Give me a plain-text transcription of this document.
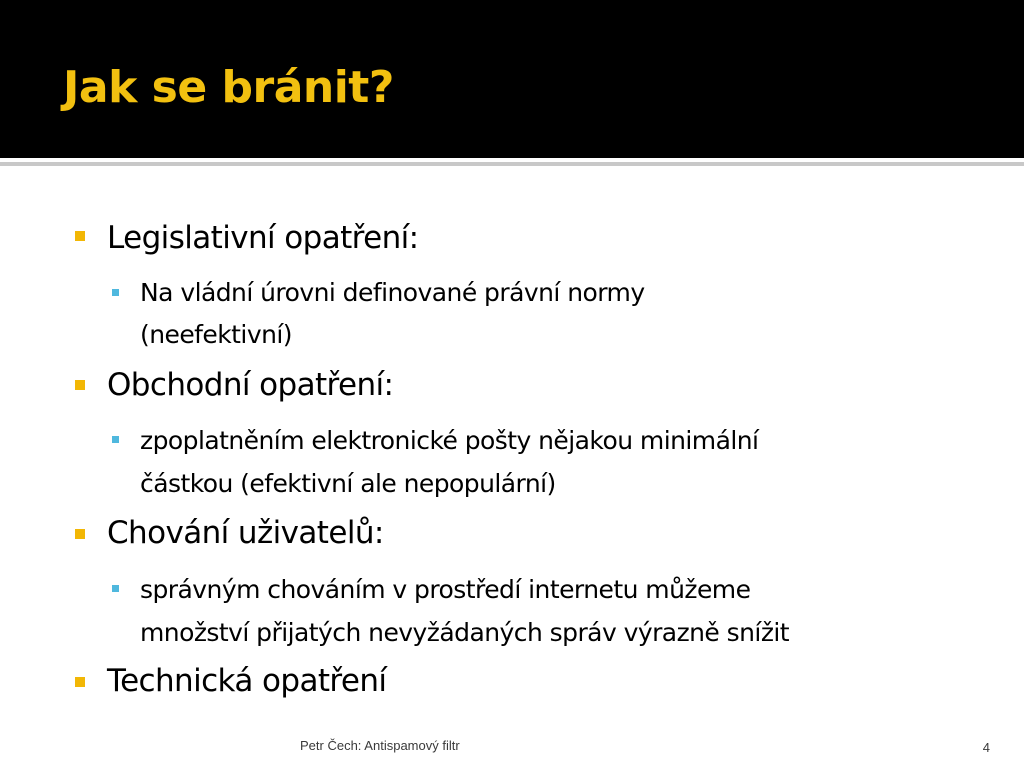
Jak se bránit?
Legislativní opatření:
Na vládní úrovni definované právní normy
(neefektivní)
Obchodní opatření:
zpoplatněním elektronické pošty nějakou minimální
částkou (efektivní ale nepopulární)
Chování uživatelů:
správným chováním v prostředí internetu můžeme
množství přijatých nevyžádaných správ výrazně snížit
Technická opatření
Petr Čech: Antispamový filtr	4
